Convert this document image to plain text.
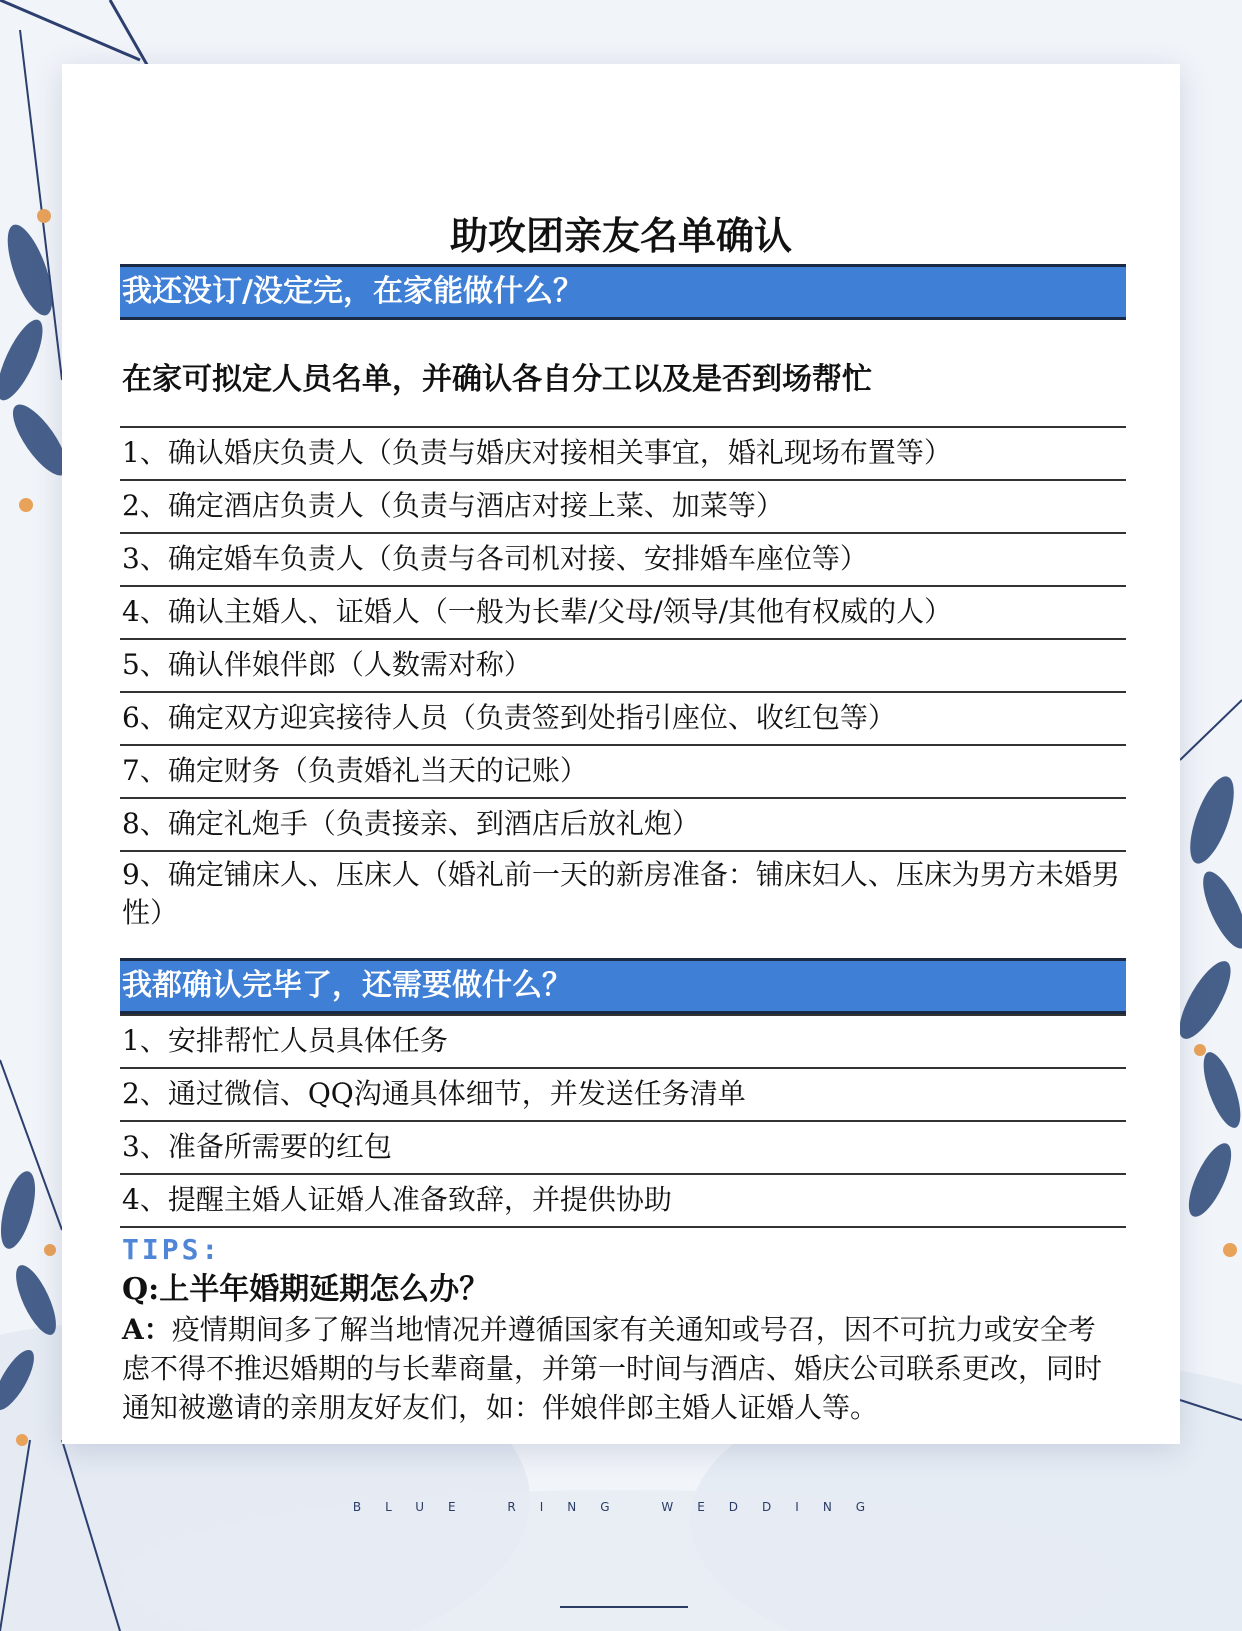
助攻团亲友名单确认
我还没订/没定完，在家能做什么？
在家可拟定人员名单，并确认各自分工以及是否到场帮忙
1、确认婚庆负责人（负责与婚庆对接相关事宜，婚礼现场布置等）
2、确定酒店负责人（负责与酒店对接上菜、加菜等）
3、确定婚车负责人（负责与各司机对接、安排婚车座位等）
4、确认主婚人、证婚人（一般为长辈/父母/领导/其他有权威的人）
5、确认伴娘伴郎（人数需对称）
6、确定双方迎宾接待人员（负责签到处指引座位、收红包等）
7、确定财务（负责婚礼当天的记账）
8、确定礼炮手（负责接亲、到酒店后放礼炮）
9、确定铺床人、压床人（婚礼前一天的新房准备：铺床妇人、压床为男方未婚男性）
我都确认完毕了，还需要做什么？
1、安排帮忙人员具体任务
2、通过微信、QQ沟通具体细节，并发送任务清单
3、准备所需要的红包
4、提醒主婚人证婚人准备致辞，并提供协助
TIPS:
Q:上半年婚期延期怎么办？
A：疫情期间多了解当地情况并遵循国家有关通知或号召，因不可抗力或安全考虑不得不推迟婚期的与长辈商量，并第一时间与酒店、婚庆公司联系更改，同时通知被邀请的亲朋友好友们，如：伴娘伴郎主婚人证婚人等。
BLUE RING WEDDING
